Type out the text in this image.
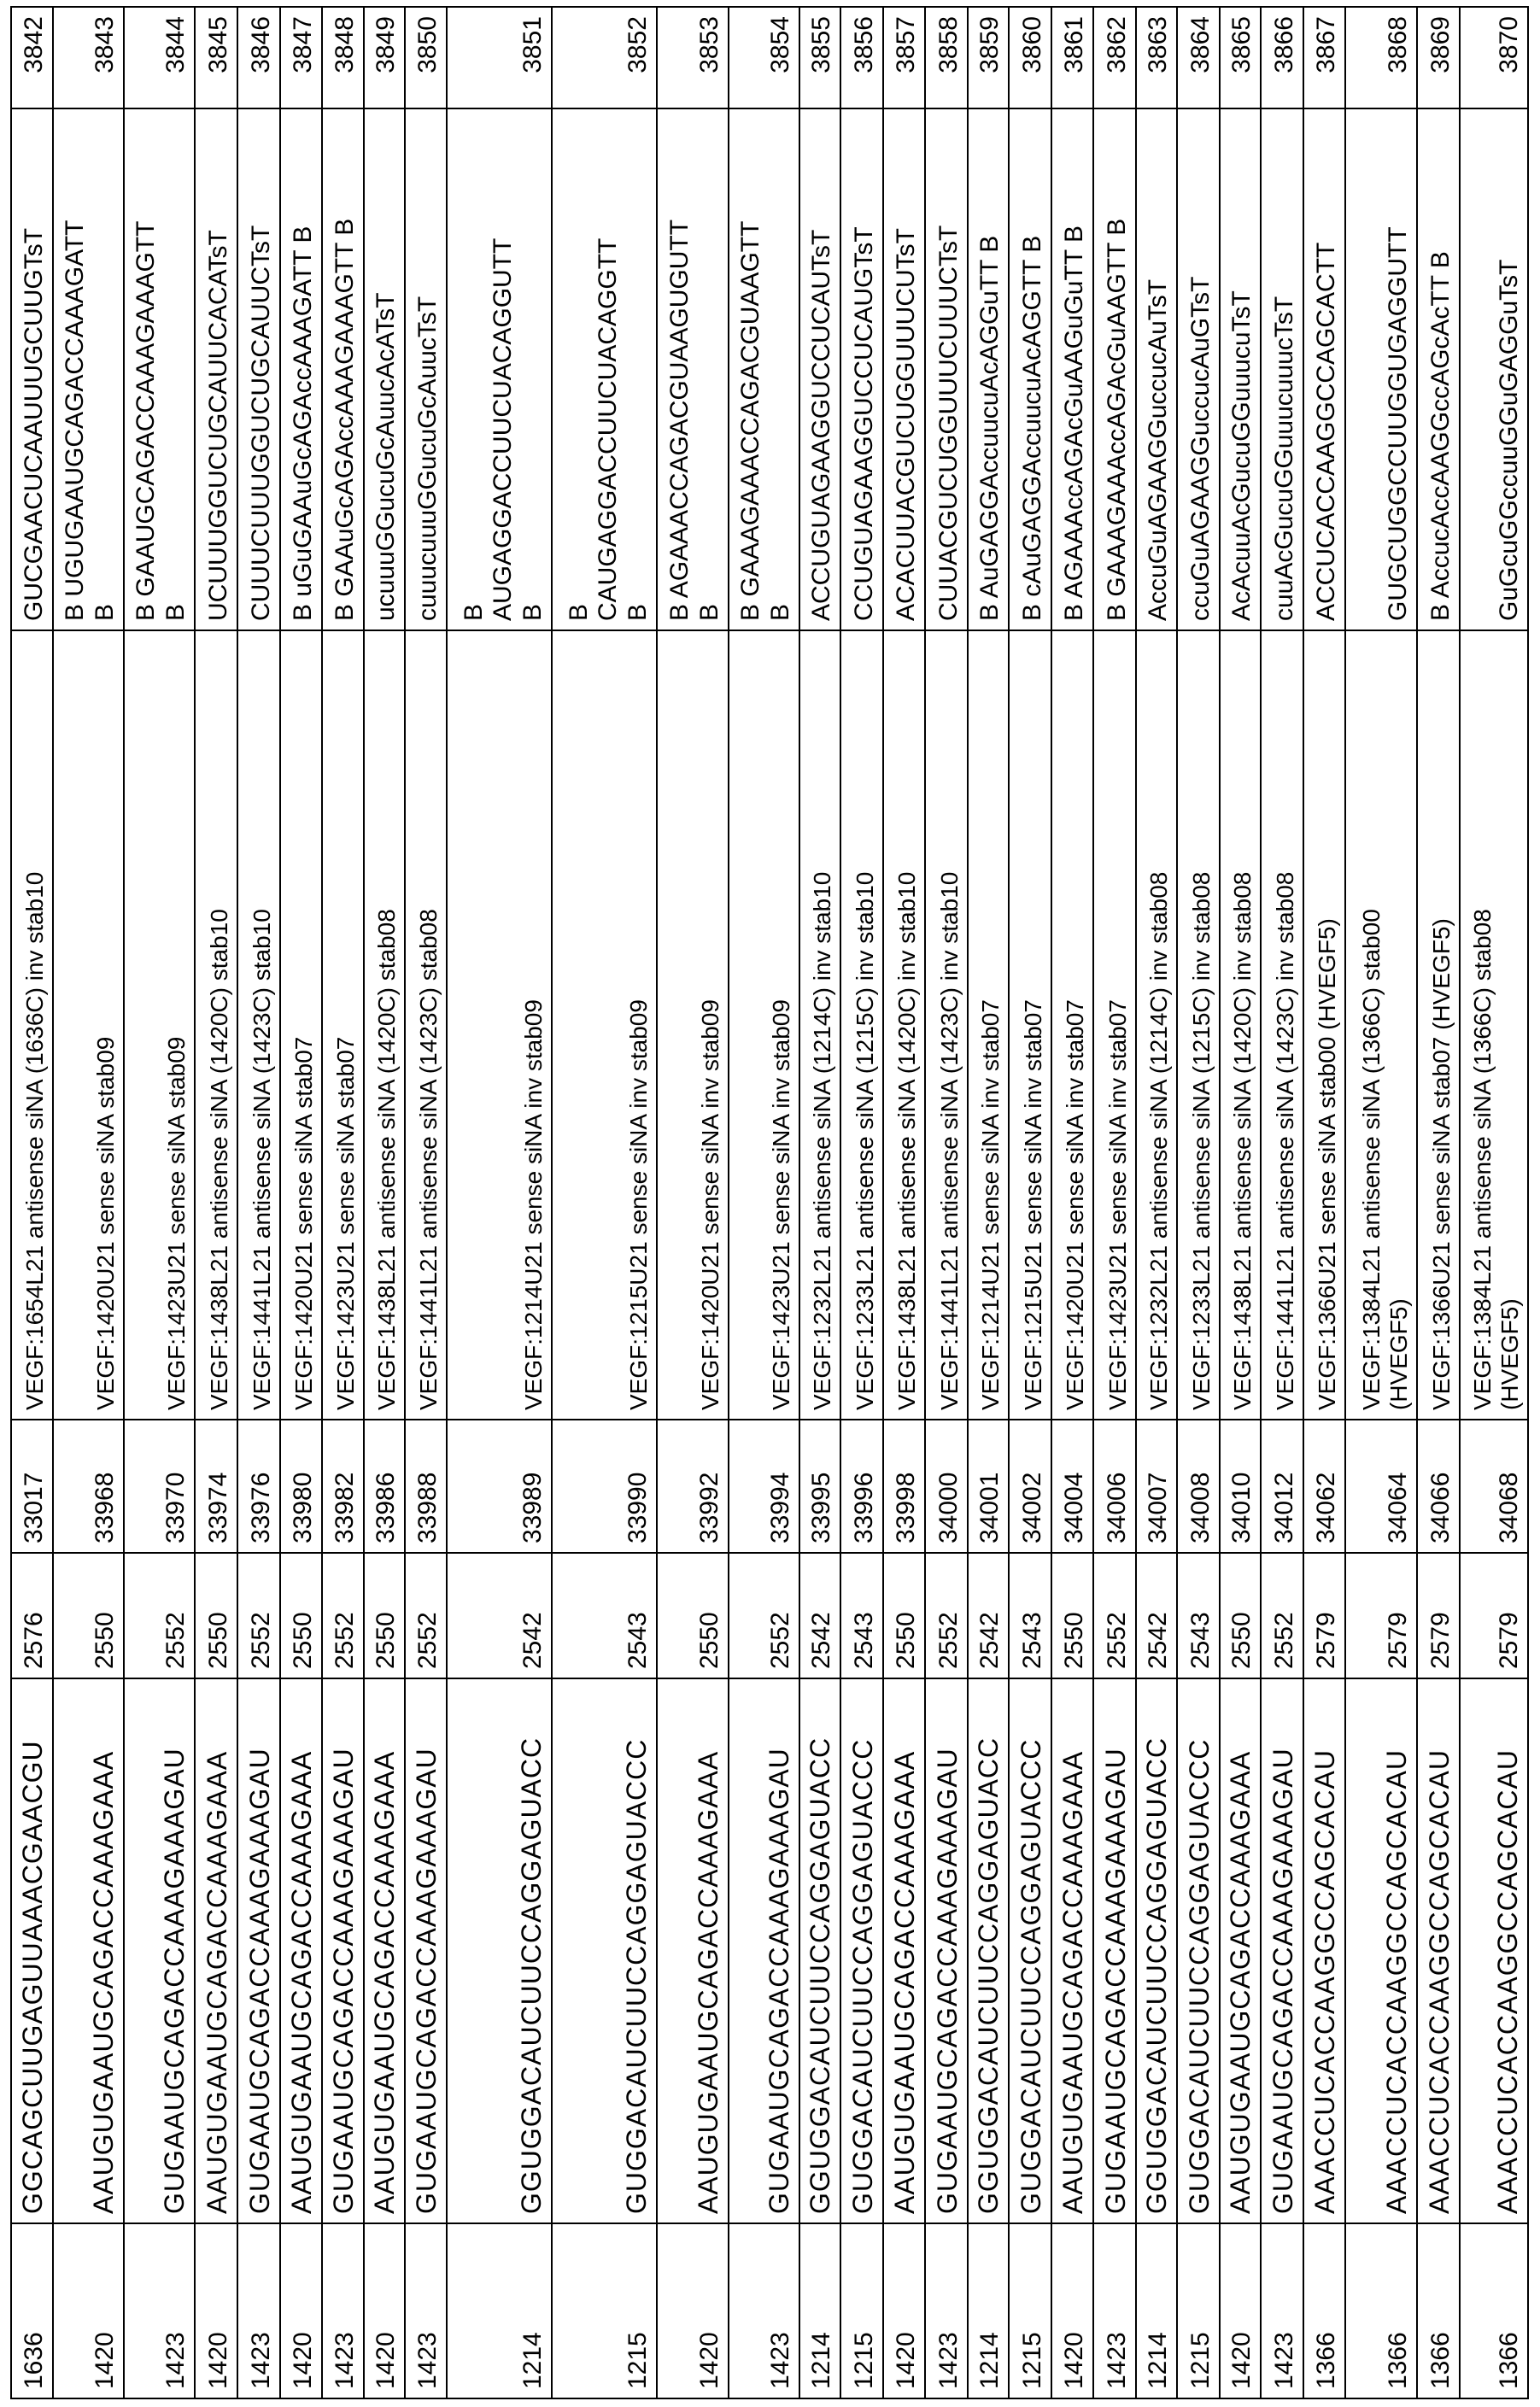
1636	GGCAGCUUGAGUUAAACGAACGU	2576	33017	
VEGF:1654L21 antisense siNA (1636C) inv stab10

GUCGAACUCAAUUUGCUUGTsT
	3842
1420	AAUGUGAAUGCAGACCAAAGAAA	2550	33968	
VEGF:1420U21 sense siNA stab09

B UGUGAAUGCAGACCAAAGATT B
	3843
1423	GUGAAUGCAGACCAAAGAAAGAU	2552	33970	
VEGF:1423U21 sense siNA stab09

B GAAUGCAGACCAAAGAAAGTT B
	3844
1420	AAUGUGAAUGCAGACCAAAGAAA	2550	33974	
VEGF:1438L21 antisense siNA (1420C) stab10

UCUUUGGUCUGCAUUCACATsT
	3845
1423	GUGAAUGCAGACCAAAGAAAGAU	2552	33976	
VEGF:1441L21 antisense siNA (1423C) stab10

CUUUCUUUGGUCUGCAUUCTsT
	3846
1420	AAUGUGAAUGCAGACCAAAGAAA	2550	33980	
VEGF:1420U21 sense siNA stab07

B uGuGAAuGcAGAccAAAGATT B
	3847
1423	GUGAAUGCAGACCAAAGAAAGAU	2552	33982	
VEGF:1423U21 sense siNA stab07

B GAAuGcAGAccAAAGAAAGTT B
	3848
1420	AAUGUGAAUGCAGACCAAAGAAA	2550	33986	
VEGF:1438L21 antisense siNA (1420C) stab08

ucuuuGGucuGcAuucAcATsT
	3849
1423	GUGAAUGCAGACCAAAGAAAGAU	2552	33988	
VEGF:1441L21 antisense siNA (1423C) stab08

cuuucuuuGGucuGcAuucTsT
	3850
1214	GGUGGACAUCUUCCAGGAGUACC	2542	33989	
VEGF:1214U21 sense siNA inv stab09

B AUGAGGACCUUCUACAGGUTT B
	3851
1215	GUGGACAUCUUCCAGGAGUACCC	2543	33990	
VEGF:1215U21 sense siNA inv stab09

B CAUGAGGACCUUCUACAGGTT B
	3852
1420	AAUGUGAAUGCAGACCAAAGAAA	2550	33992	
VEGF:1420U21 sense siNA inv stab09

B AGAAACCAGACGUAAGUGUTT B
	3853
1423	GUGAAUGCAGACCAAAGAAAGAU	2552	33994	
VEGF:1423U21 sense siNA inv stab09

B GAAAGAAACCAGACGUAAGTT B
	3854
1214	GGUGGACAUCUUCCAGGAGUACC	2542	33995	
VEGF:1232L21 antisense siNA (1214C) inv stab10

ACCUGUAGAAGGUCCUCAUTsT
	3855
1215	GUGGACAUCUUCCAGGAGUACCC	2543	33996	
VEGF:1233L21 antisense siNA (1215C) inv stab10

CCUGUAGAAGGUCCUCAUGTsT
	3856
1420	AAUGUGAAUGCAGACCAAAGAAA	2550	33998	
VEGF:1438L21 antisense siNA (1420C) inv stab10

ACACUUACGUCUGGUUUCUTsT
	3857
1423	GUGAAUGCAGACCAAAGAAAGAU	2552	34000	
VEGF:1441L21 antisense siNA (1423C) inv stab10

CUUACGUCUGGUUUCUUUCTsT
	3858
1214	GGUGGACAUCUUCCAGGAGUACC	2542	34001	
VEGF:1214U21 sense siNA inv stab07

B AuGAGGAccuucuAcAGGuTT B
	3859
1215	GUGGACAUCUUCCAGGAGUACCC	2543	34002	
VEGF:1215U21 sense siNA inv stab07

B cAuGAGGAccuucuAcAGGTT B
	3860
1420	AAUGUGAAUGCAGACCAAAGAAA	2550	34004	
VEGF:1420U21 sense siNA inv stab07

B AGAAAccAGAcGuAAGuGuTT B
	3861
1423	GUGAAUGCAGACCAAAGAAAGAU	2552	34006	
VEGF:1423U21 sense siNA inv stab07

B GAAAGAAAccAGAcGuAAGTT B
	3862
1214	GGUGGACAUCUUCCAGGAGUACC	2542	34007	
VEGF:1232L21 antisense siNA (1214C) inv stab08

AccuGuAGAAGGuccucAuTsT
	3863
1215	GUGGACAUCUUCCAGGAGUACCC	2543	34008	
VEGF:1233L21 antisense siNA (1215C) inv stab08

ccuGuAGAAGGuccucAuGTsT
	3864
1420	AAUGUGAAUGCAGACCAAAGAAA	2550	34010	
VEGF:1438L21 antisense siNA (1420C) inv stab08

AcAcuuAcGucuGGuuucuTsT
	3865
1423	GUGAAUGCAGACCAAAGAAAGAU	2552	34012	
VEGF:1441L21 antisense siNA (1423C) inv stab08

cuuAcGucuGGuuucuuucTsT
	3866
1366	AAACCUCACCAAGGCCAGCACAU	2579	34062	
VEGF:1366U21 sense siNA stab00 (HVEGF5)

ACCUCACCAAGGCCAGCACTT
	3867
1366	AAACCUCACCAAGGCCAGCACAU	2579	34064	
VEGF:1384L21 antisense siNA (1366C) stab00 (HVEGF5)

GUGCUGGCCUUGGUGAGGUTT
	3868
1366	AAACCUCACCAAGGCCAGCACAU	2579	34066	
VEGF:1366U21 sense siNA stab07 (HVEGF5)

B AccucAccAAGGccAGcAcTT B
	3869
1366	AAACCUCACCAAGGCCAGCACAU	2579	34068	
VEGF:1384L21 antisense siNA (1366C) stab08 (HVEGF5)

GuGcuGGccuuGGuGAGGuTsT
	3870
